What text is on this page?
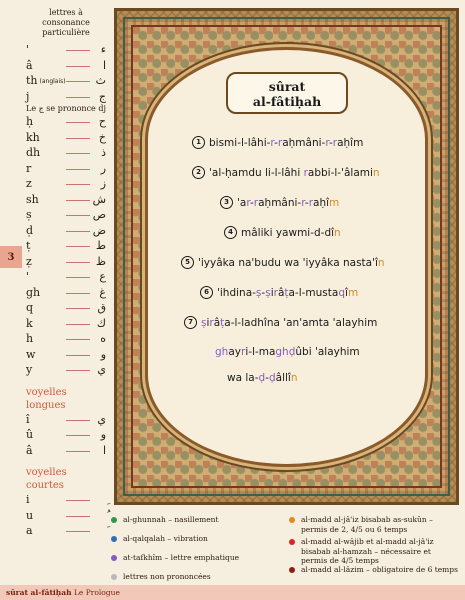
3
lettres à consonance particulière
'	ء
â	ا
th (anglais)	ث
j	ج
Le ج se prononce dj
ḥ	ح
kh	خ
dh	ذ
r	ر
z	ز
sh	ش
ṣ	ص
ḍ	ض
ṭ	ط
ẓ	ظ
'	ع
gh	غ
q	ق
k	ك
h	ه
w	و
y	ي
voyelles longues
î	ي
û	و
â	ا
voyelles courtes
i
u
a
sûrat
al-fâtiḥah
1 bismi-l-lâhi-r-raḥmâni-r-raḥîm
2 'al-ḥamdu li-l-lâhi rabbi-l-'âlamin
3 'ar-raḥmâni-r-raḥîm
4 mâliki yawmi-d-dîn
5 'iyyâka na'budu wa 'iyyâka nasta'în
6 'ihdina-ṣ-ṣirâṭa-l-mustaqîm
7 ṣirâṭa-l-ladhîna 'an'amta 'alayhim
ghayri-l-maghḍûbi 'alayhim
wa la-ḍ-ḍâllîn
al-ghunnah – nasillement
al-qalqalah – vibration
at-tafkhîm – lettre emphatique
lettres non prononcées
al-madd al-jâ'iz bisabab as-sukûn – permis de 2, 4/5 ou 6 temps
al-madd al-wâjib et al-madd al-jâ'iz bisabab al-hamzah – nécessaire et permis de 4/5 temps
al-madd al-lâzim – obligatoire de 6 temps
sûrat al-fâtiḥah Le Prologue
